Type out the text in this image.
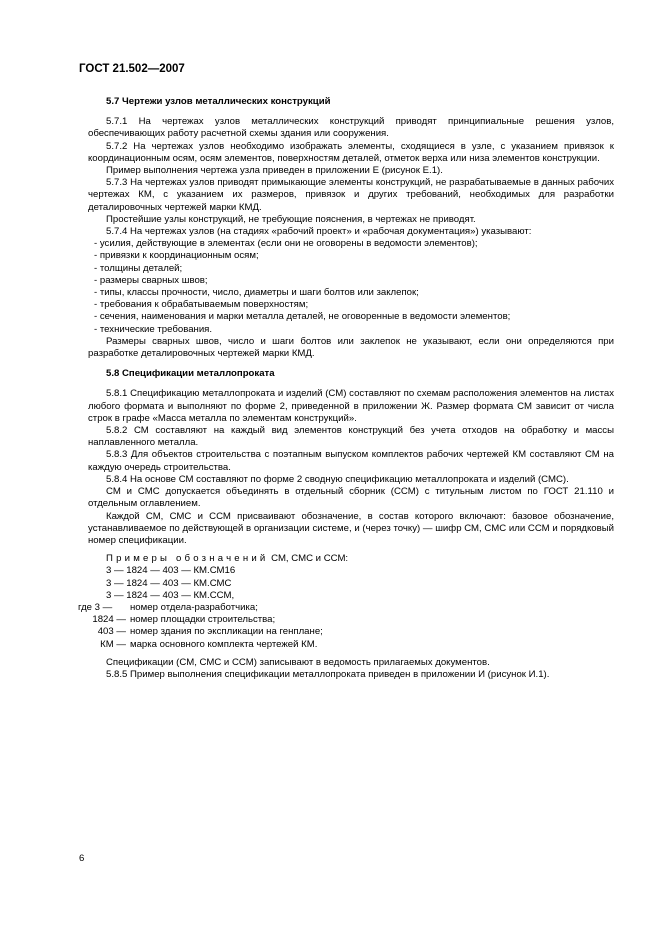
ГОСТ 21.502—2007

5.7 Чертежи узлов металлических конструкций

5.7.1 На чертежах узлов металлических конструкций приводят принципиальные решения узлов, обеспечивающих работу расчетной схемы здания или сооружения.

5.7.2 На чертежах узлов необходимо изображать элементы, сходящиеся в узле, с указанием привязок к координационным осям, осям элементов, поверхностям деталей, отметок верха или низа элементов конструкции.

Пример выполнения чертежа узла приведен в приложении Е (рисунок Е.1).

5.7.3 На чертежах узлов приводят примыкающие элементы конструкций, не разрабатываемые в данных рабочих чертежах КМ, с указанием их размеров, привязок и других требований, необходимых для разработки деталировочных чертежей марки КМД.

Простейшие узлы конструкций, не требующие пояснения, в чертежах не приводят.

5.7.4 На чертежах узлов (на стадиях «рабочий проект» и «рабочая документация») указывают:

- усилия, действующие в элементах (если они не оговорены в ведомости элементов);

- привязки к координационным осям;

- толщины деталей;

- размеры сварных швов;

- типы, классы прочности, число, диаметры и шаги болтов или заклепок;

- требования к обрабатываемым поверхностям;

- сечения, наименования и марки металла деталей, не оговоренные в ведомости элементов;

- технические требования.

Размеры сварных швов, число и шаги болтов или заклепок не указывают, если они определяются при разработке деталировочных чертежей марки КМД.

5.8 Спецификации металлопроката

5.8.1 Спецификацию металлопроката и изделий (СМ) составляют по схемам расположения элементов на листах любого формата и выполняют по форме 2, приведенной в приложении Ж. Размер формата СМ зависит от числа строк в графе «Масса металла по элементам конструкций».

5.8.2 СМ составляют на каждый вид элементов конструкций без учета отходов на обработку и массы наплавленного металла.

5.8.3 Для объектов строительства с поэтапным выпуском комплектов рабочих чертежей КМ составляют СМ на каждую очередь строительства.

5.8.4 На основе СМ составляют по форме 2 сводную спецификацию металлопроката и изделий (СМС).

СМ и СМС допускается объединять в отдельный сборник (ССМ) с титульным листом по ГОСТ 21.110 и отдельным оглавлением.

Каждой СМ, СМС и ССМ присваивают обозначение, в состав которого включают: базовое обозначение, устанавливаемое по действующей в организации системе, и (через точку) — шифр СМ, СМС или ССМ и порядковый номер спецификации.

Примеры обозначений СМ, СМС и ССМ:

3 — 1824 — 403 — КМ.СМ16

3 — 1824 — 403 — КМ.СМС

3 — 1824 — 403 — КМ.ССМ,

где 3 —	номер отдела-разработчика;
1824 — номер площадки строительства;
403 — номер здания по экспликации на генплане;
КМ — марка основного комплекта чертежей КМ.

Спецификации (СМ, СМС и ССМ) записывают в ведомость прилагаемых документов.

5.8.5 Пример выполнения спецификации металлопроката приведен в приложении И (рисунок И.1).

6
